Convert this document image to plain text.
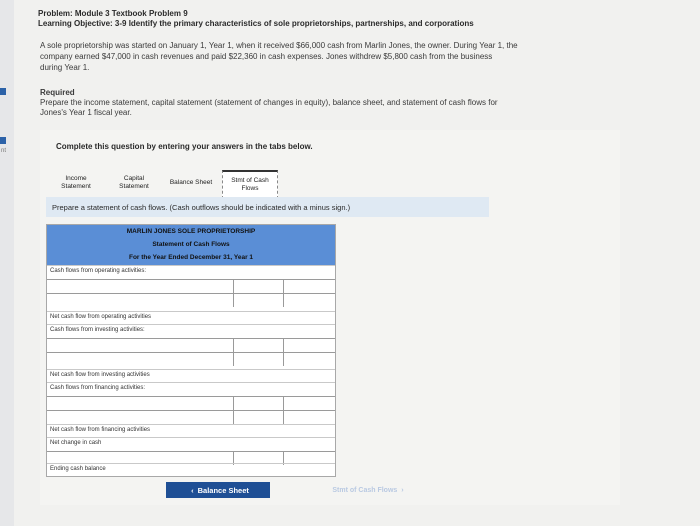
nt
Problem: Module 3 Textbook Problem 9
Learning Objective: 3-9 Identify the primary characteristics of sole proprietorships, partnerships, and corporations
A sole proprietorship was started on January 1, Year 1, when it received $66,000 cash from Marlin Jones, the owner. During Year 1, the
company earned $47,000 in cash revenues and paid $22,360 in cash expenses. Jones withdrew $5,800 cash from the business
during Year 1.
Required
Prepare the income statement, capital statement (statement of changes in equity), balance sheet, and statement of cash flows for
Jones's Year 1 fiscal year.
Complete this question by entering your answers in the tabs below.
Income
Statement
Capital
Statement
Balance Sheet	Stmt of Cash
Flows
Prepare a statement of cash flows. (Cash outflows should be indicated with a minus sign.)
MARLIN JONES SOLE PROPRIETORSHIP
Statement of Cash Flows
For the Year Ended December 31, Year 1
Cash flows from operating activities:
Net cash flow from operating activities
Cash flows from investing activities:
Net cash flow from investing activities
Cash flows from financing activities:
Net cash flow from financing activities
Net change in cash
Ending cash balance
‹ Balance Sheet	Stmt of Cash Flows ›
